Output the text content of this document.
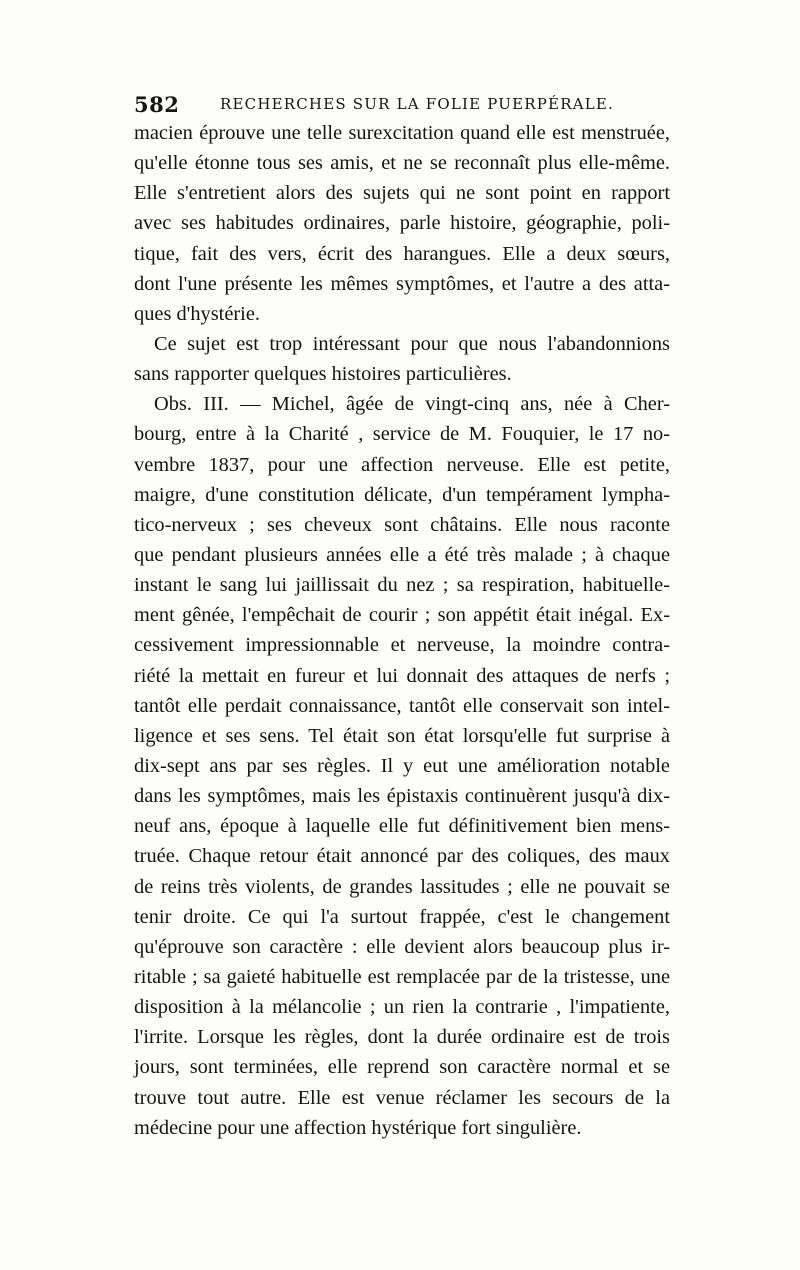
582	RECHERCHES SUR LA FOLIE PUERPÉRALE.
macien éprouve une telle surexcitation quand elle est menstruée,
qu'elle étonne tous ses amis, et ne se reconnaît plus elle-même.
Elle s'entretient alors des sujets qui ne sont point en rapport
avec ses habitudes ordinaires, parle histoire, géographie, poli-
tique, fait des vers, écrit des harangues. Elle a deux sœurs,
dont l'une présente les mêmes symptômes, et l'autre a des atta-
ques d'hystérie.
Ce sujet est trop intéressant pour que nous l'abandonnions
sans rapporter quelques histoires particulières.
Obs. III. — Michel, âgée de vingt-cinq ans, née à Cher-
bourg, entre à la Charité , service de M. Fouquier, le 17 no-
vembre 1837, pour une affection nerveuse. Elle est petite,
maigre, d'une constitution délicate, d'un tempérament lympha-
tico-nerveux ; ses cheveux sont châtains. Elle nous raconte
que pendant plusieurs années elle a été très malade ; à chaque
instant le sang lui jaillissait du nez ; sa respiration, habituelle-
ment gênée, l'empêchait de courir ; son appétit était inégal. Ex-
cessivement impressionnable et nerveuse, la moindre contra-
riété la mettait en fureur et lui donnait des attaques de nerfs ;
tantôt elle perdait connaissance, tantôt elle conservait son intel-
ligence et ses sens. Tel était son état lorsqu'elle fut surprise à
dix-sept ans par ses règles. Il y eut une amélioration notable
dans les symptômes, mais les épistaxis continuèrent jusqu'à dix-
neuf ans, époque à laquelle elle fut définitivement bien mens-
truée. Chaque retour était annoncé par des coliques, des maux
de reins très violents, de grandes lassitudes ; elle ne pouvait se
tenir droite. Ce qui l'a surtout frappée, c'est le changement
qu'éprouve son caractère : elle devient alors beaucoup plus ir-
ritable ; sa gaieté habituelle est remplacée par de la tristesse, une
disposition à la mélancolie ; un rien la contrarie , l'impatiente,
l'irrite. Lorsque les règles, dont la durée ordinaire est de trois
jours, sont terminées, elle reprend son caractère normal et se
trouve tout autre. Elle est venue réclamer les secours de la
médecine pour une affection hystérique fort singulière.
